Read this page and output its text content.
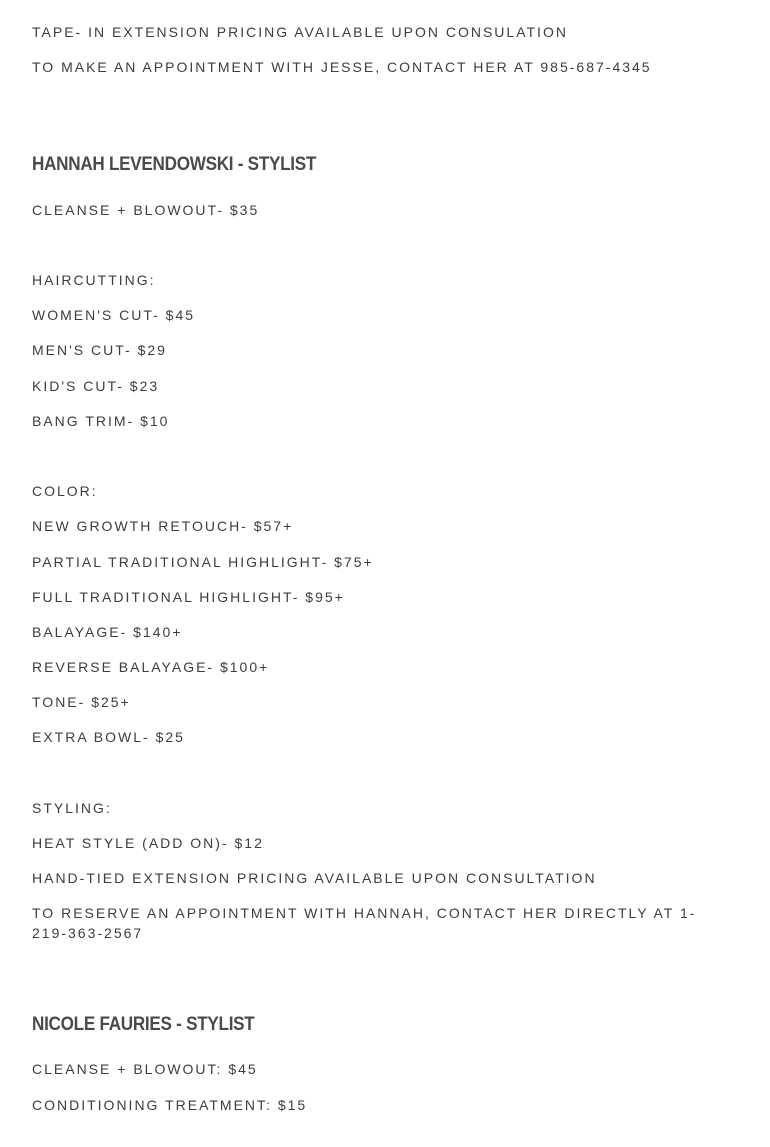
TAPE- IN EXTENSION PRICING AVAILABLE UPON CONSULATION
TO MAKE AN APPOINTMENT WITH JESSE, CONTACT HER AT 985-687-4345
HANNAH LEVENDOWSKI - STYLIST
CLEANSE + BLOWOUT- $35
HAIRCUTTING:
WOMEN'S CUT- $45
MEN'S CUT- $29
KID'S CUT- $23
BANG TRIM- $10
COLOR:
NEW GROWTH RETOUCH- $57+
PARTIAL TRADITIONAL HIGHLIGHT- $75+
FULL TRADITIONAL HIGHLIGHT- $95+
BALAYAGE- $140+
REVERSE BALAYAGE- $100+
TONE- $25+
EXTRA BOWL- $25
STYLING:
HEAT STYLE (ADD ON)- $12
HAND-TIED EXTENSION PRICING AVAILABLE UPON CONSULTATION
TO RESERVE AN APPOINTMENT WITH HANNAH, CONTACT HER DIRECTLY AT 1-219-363-2567
NICOLE FAURIES - STYLIST
CLEANSE + BLOWOUT: $45
CONDITIONING TREATMENT: $15
